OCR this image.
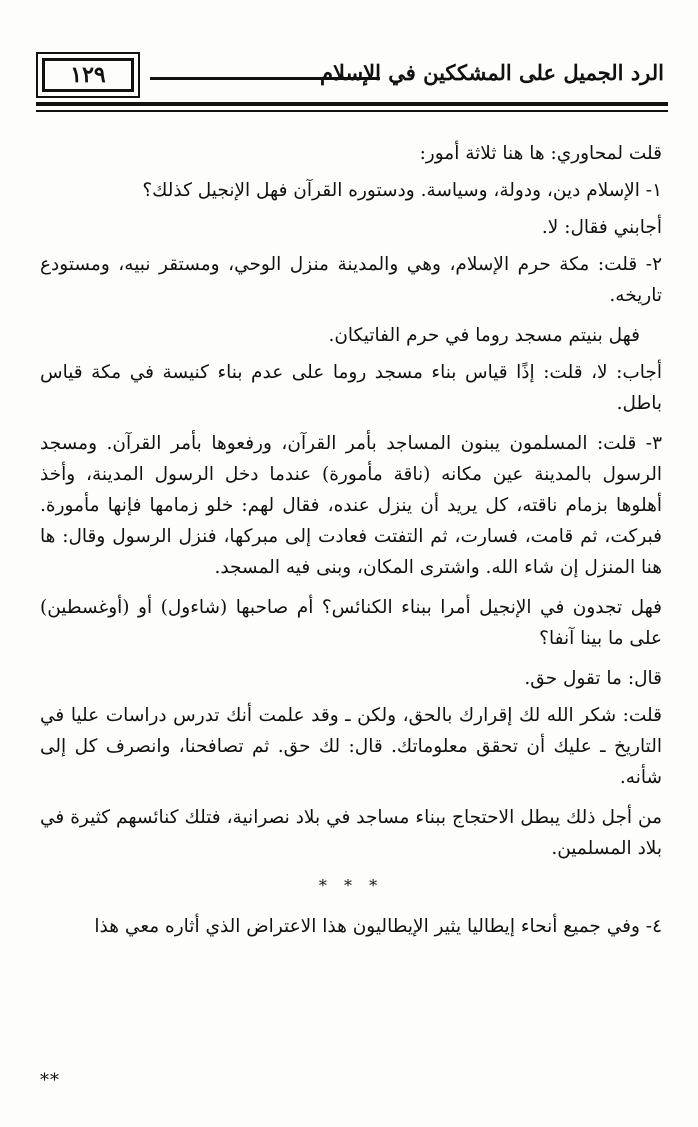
١٢٩	الرد الجميل على المشككين في الإسلام

قلت لمحاوري: ها هنا ثلاثة أمور:

١- الإسلام دين، ودولة، وسياسة. ودستوره القرآن فهل الإنجيل كذلك؟

أجابني فقال: لا.

٢- قلت: مكة حرم الإسلام، وهي والمدينة منزل الوحي، ومستقر نبيه، ومستودع تاريخه.

فهل بنيتم مسجد روما في حرم الفاتيكان.

أجاب: لا، قلت: إذًا قياس بناء مسجد روما على عدم بناء كنيسة في مكة قياس باطل.

٣- قلت: المسلمون يبنون المساجد بأمر القرآن، ورفعوها بأمر القرآن. ومسجد الرسول بالمدينة عين مكانه (ناقة مأمورة) عندما دخل الرسول المدينة، وأخذ أهلوها بزمام ناقته، كل يريد أن ينزل عنده، فقال لهم: خلو زمامها فإنها مأمورة. فبركت، ثم قامت، فسارت، ثم التفتت فعادت إلى مبركها، فنزل الرسول وقال: ها هنا المنزل إن شاء الله. واشترى المكان، وبنى فيه المسجد.

فهل تجدون في الإنجيل أمرا ببناء الكنائس؟ أم صاحبها (شاءول) أو (أوغسطين) على ما بينا آنفا؟

قال: ما تقول حق.

قلت: شكر الله لك إقرارك بالحق، ولكن ـ وقد علمت أنك تدرس دراسات عليا في التاريخ ـ عليك أن تحقق معلوماتك. قال: لك حق. ثم تصافحنا، وانصرف كل إلى شأنه.

من أجل ذلك يبطل الاحتجاج ببناء مساجد في بلاد نصرانية، فتلك كنائسهم كثيرة في بلاد المسلمين.

* * *

٤- وفي جميع أنحاء إيطاليا يثير الإيطاليون هذا الاعتراض الذي أثاره معي هذا

**
